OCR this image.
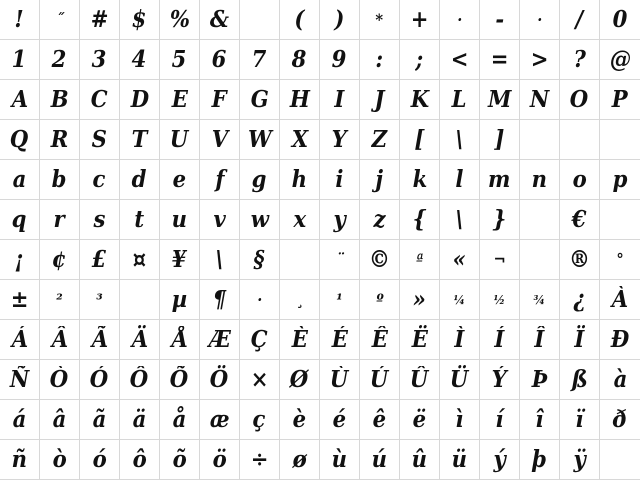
! ˝ # $ % &	( ) * + · - · / 0
1 2 3 4 5 6 7 8 9 : ; < = > ? @
A B C D E F G H I J K L M N O P
Q R S T U V W X Y Z [ \ ]
a b c d e f g h i j k l m n o p
q r s t u v w x y z { \ }	€
¡ ¢ £ ¤ ¥ \ §	¨ © ª « ¬	® °
± ² ³	µ ¶ · ¸ ¹ º » ¼ ½ ¾ ¿ À
Á Â Ã Ä Å Æ Ç È É Ê Ë Ì Í Î Ï Ð
Ñ Ò Ó Ô Õ Ö × Ø Ù Ú Û Ü Ý Þ ß à
á â ã ä å æ ç è é ê ë ì í î ï ð
ñ ò ó ô õ ö ÷ ø ù ú û ü ý þ ÿ
